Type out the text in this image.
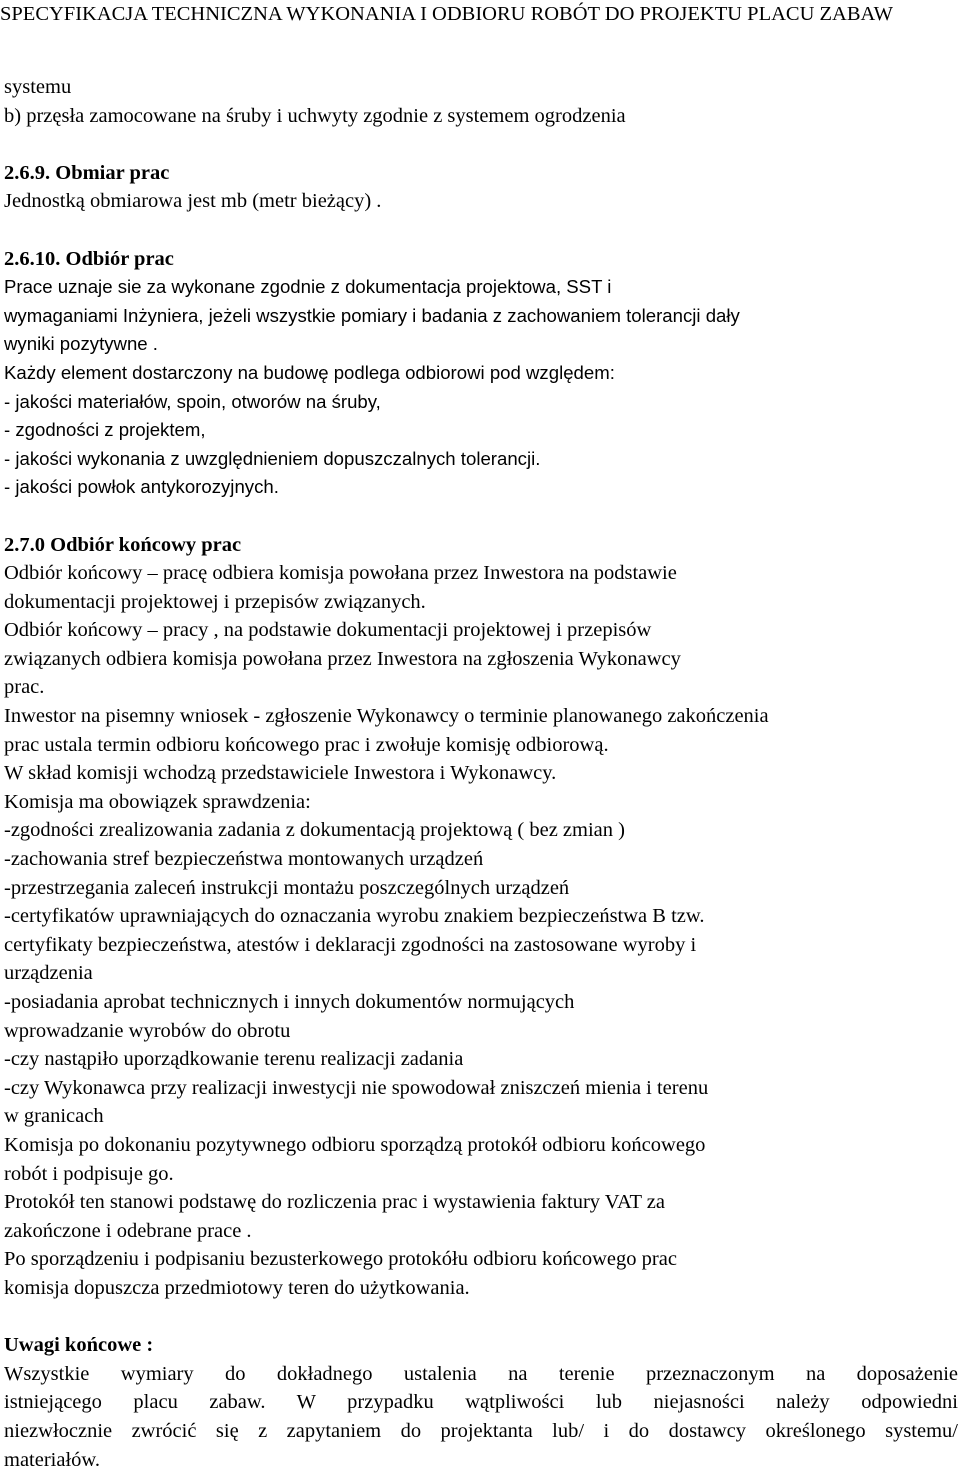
SPECYFIKACJA TECHNICZNA WYKONANIA I ODBIORU ROBÓT DO PROJEKTU PLACU ZABAW
systemu
b) przęsła zamocowane na śruby i uchwyty zgodnie z systemem ogrodzenia
2.6.9. Obmiar prac
Jednostką obmiarowa jest mb (metr bieżący) .
2.6.10. Odbiór prac
Prace uznaje sie za wykonane zgodnie z dokumentacja projektowa, SST i
wymaganiami Inżyniera, jeżeli wszystkie pomiary i badania z zachowaniem tolerancji dały
wyniki pozytywne .
Każdy element dostarczony na budowę podlega odbiorowi pod względem:
- jakości materiałów, spoin, otworów na śruby,
- zgodności z projektem,
- jakości wykonania z uwzględnieniem dopuszczalnych tolerancji.
- jakości powłok antykorozyjnych.
2.7.0 Odbiór końcowy prac
Odbiór końcowy – pracę odbiera komisja powołana przez Inwestora na podstawie
dokumentacji projektowej i przepisów związanych.
Odbiór końcowy – pracy , na podstawie dokumentacji projektowej i przepisów
związanych odbiera komisja powołana przez Inwestora na zgłoszenia Wykonawcy
prac.
Inwestor na pisemny wniosek - zgłoszenie Wykonawcy o terminie planowanego zakończenia
prac ustala termin odbioru końcowego prac i zwołuje komisję odbiorową.
W skład komisji wchodzą przedstawiciele Inwestora i Wykonawcy.
Komisja ma obowiązek sprawdzenia:
-zgodności zrealizowania zadania z dokumentacją projektową ( bez zmian )
-zachowania stref bezpieczeństwa montowanych urządzeń
-przestrzegania zaleceń instrukcji montażu poszczególnych urządzeń
-certyfikatów uprawniających do oznaczania wyrobu znakiem bezpieczeństwa B tzw.
certyfikaty bezpieczeństwa, atestów i deklaracji zgodności na zastosowane wyroby i
urządzenia
-posiadania aprobat technicznych i innych dokumentów normujących
wprowadzanie wyrobów do obrotu
-czy nastąpiło uporządkowanie terenu realizacji zadania
-czy Wykonawca przy realizacji inwestycji nie spowodował zniszczeń mienia i terenu
w granicach
Komisja po dokonaniu pozytywnego odbioru sporządzą protokół odbioru końcowego
robót i podpisuje go.
Protokół ten stanowi podstawę do rozliczenia prac i wystawienia faktury VAT za
zakończone i odebrane prace .
Po sporządzeniu i podpisaniu bezusterkowego protokółu odbioru końcowego prac
komisja dopuszcza przedmiotowy teren do użytkowania.
Uwagi końcowe :
Wszystkie wymiary do dokładnego ustalenia na terenie przeznaczonym na doposażenie
istniejącego placu zabaw. W przypadku wątpliwości lub niejasności należy odpowiedni
niezwłocznie zwrócić się z zapytaniem do projektanta lub/ i do dostawcy określonego systemu/
materiałów.
